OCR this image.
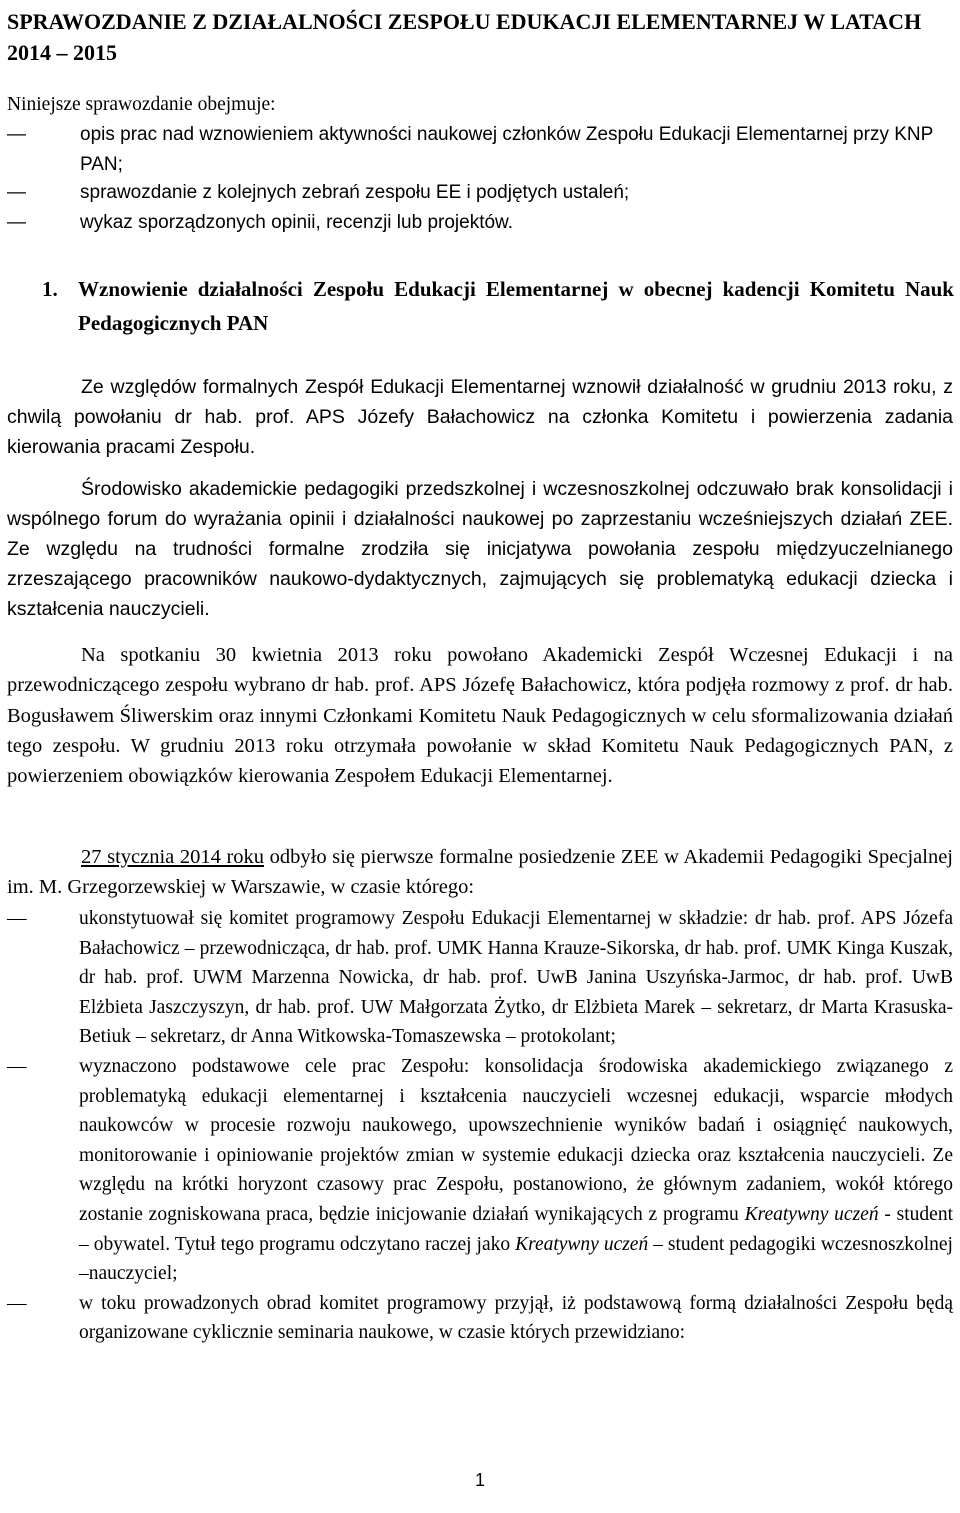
SPRAWOZDANIE Z DZIAŁALNOŚCI ZESPOŁU EDUKACJI ELEMENTARNEJ W LATACH 2014 – 2015
Niniejsze sprawozdanie obejmuje:
—	opis prac nad wznowieniem aktywności naukowej członków Zespołu Edukacji Elementarnej przy KNP PAN;
—	sprawozdanie z kolejnych zebrań zespołu EE i podjętych ustaleń;
—	wykaz sporządzonych opinii, recenzji lub projektów.
1. Wznowienie działalności Zespołu Edukacji Elementarnej w obecnej kadencji Komitetu Nauk Pedagogicznych PAN
Ze względów formalnych Zespół Edukacji Elementarnej wznowił działalność w grudniu 2013 roku, z chwilą powołaniu dr hab. prof. APS Józefy Bałachowicz na członka Komitetu i powierzenia zadania kierowania pracami Zespołu.
Środowisko akademickie pedagogiki przedszkolnej i wczesnoszkolnej odczuwało brak konsolidacji i wspólnego forum do wyrażania opinii i działalności naukowej po zaprzestaniu wcześniejszych działań ZEE. Ze względu na trudności formalne zrodziła się inicjatywa powołania zespołu międzyuczelnianego zrzeszającego pracowników naukowo-dydaktycznych, zajmujących się problematyką edukacji dziecka i kształcenia nauczycieli.
Na spotkaniu 30 kwietnia 2013 roku powołano Akademicki Zespół Wczesnej Edukacji i na przewodniczącego zespołu wybrano dr hab. prof. APS Józefę Bałachowicz, która podjęła rozmowy z prof. dr hab. Bogusławem Śliwerskim oraz innymi Członkami Komitetu Nauk Pedagogicznych w celu sformalizowania działań tego zespołu. W grudniu 2013 roku otrzymała powołanie w skład Komitetu Nauk Pedagogicznych PAN, z powierzeniem obowiązków kierowania Zespołem Edukacji Elementarnej.
27 stycznia 2014 roku odbyło się pierwsze formalne posiedzenie ZEE w Akademii Pedagogiki Specjalnej im. M. Grzegorzewskiej w Warszawie, w czasie którego:
—	ukonstytuował się komitet programowy Zespołu Edukacji Elementarnej w składzie: dr hab. prof. APS Józefa Bałachowicz – przewodnicząca, dr hab. prof. UMK Hanna Krauze-Sikorska, dr hab. prof. UMK Kinga Kuszak, dr hab. prof. UWM Marzenna Nowicka, dr hab. prof. UwB Janina Uszyńska-Jarmoc, dr hab. prof. UwB Elżbieta Jaszczyszyn, dr hab. prof. UW Małgorzata Żytko, dr Elżbieta Marek – sekretarz, dr Marta Krasuska-Betiuk – sekretarz, dr Anna Witkowska-Tomaszewska – protokolant;
—	wyznaczono podstawowe cele prac Zespołu: konsolidacja środowiska akademickiego związanego z problematyką edukacji elementarnej i kształcenia nauczycieli wczesnej edukacji, wsparcie młodych naukowców w procesie rozwoju naukowego, upowszechnienie wyników badań i osiągnięć naukowych, monitorowanie i opiniowanie projektów zmian w systemie edukacji dziecka oraz kształcenia nauczycieli. Ze względu na krótki horyzont czasowy prac Zespołu, postanowiono, że głównym zadaniem, wokół którego zostanie zogniskowana praca, będzie inicjowanie działań wynikających z programu Kreatywny uczeń - student – obywatel. Tytuł tego programu odczytano raczej jako Kreatywny uczeń – student pedagogiki wczesnoszkolnej –nauczyciel;
—	w toku prowadzonych obrad komitet programowy przyjął, iż podstawową formą działalności Zespołu będą organizowane cyklicznie seminaria naukowe, w czasie których przewidziano:
1
